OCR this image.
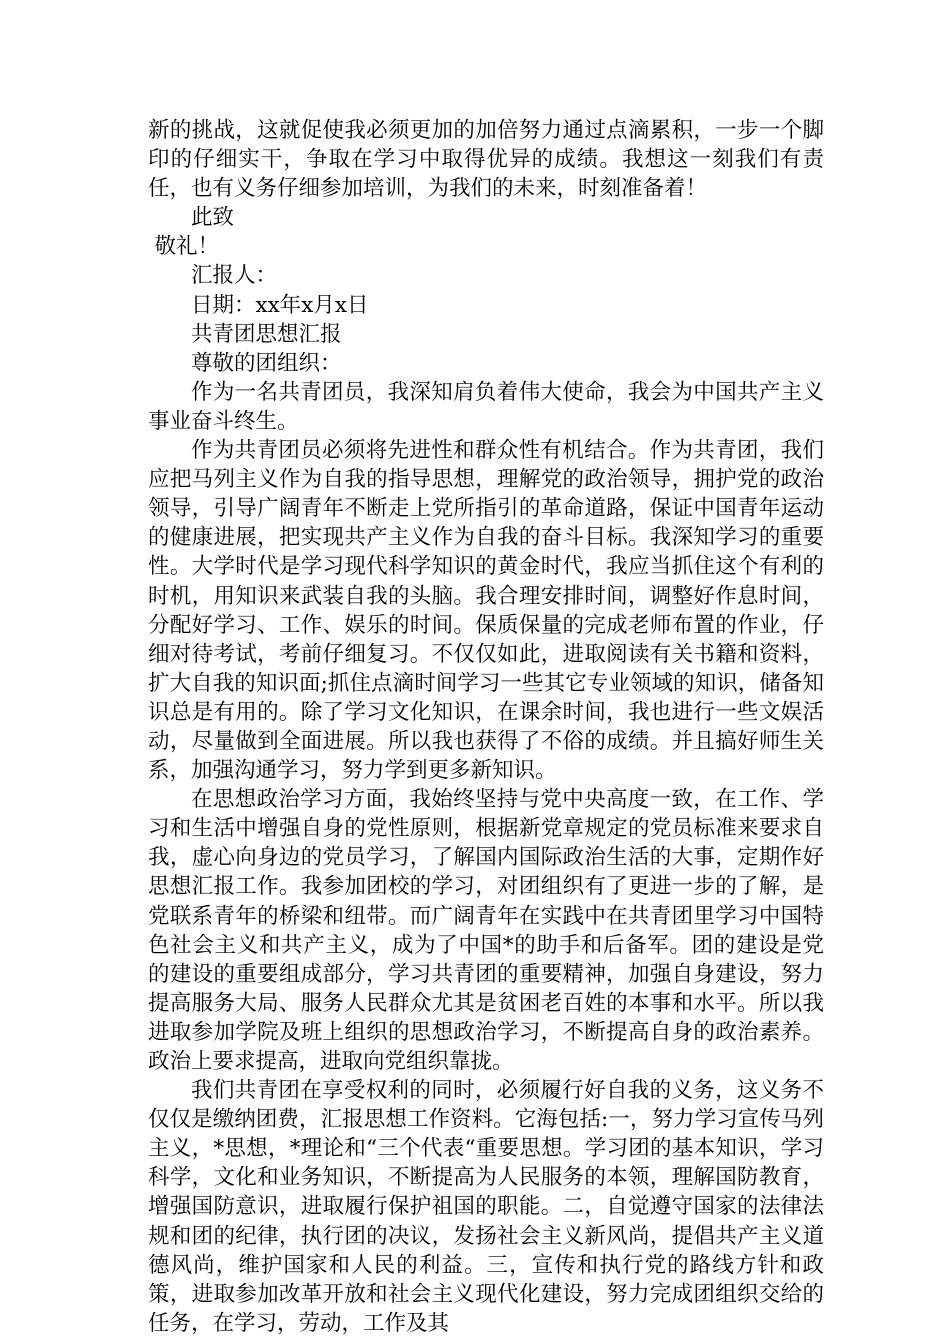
新的挑战，这就促使我必须更加的加倍努力通过点滴累积，一步一个脚印的仔细实干，争取在学习中取得优异的成绩。我想这一刻我们有责任，也有义务仔细参加培训，为我们的未来，时刻准备着！

此致

敬礼！

汇报人：

日期：xx年x月x日

共青团思想汇报

尊敬的团组织：

作为一名共青团员，我深知肩负着伟大使命，我会为中国共产主义事业奋斗终生。

作为共青团员必须将先进性和群众性有机结合。作为共青团，我们应把马列主义作为自我的指导思想，理解党的政治领导，拥护党的政治领导，引导广阔青年不断走上党所指引的革命道路，保证中国青年运动的健康进展，把实现共产主义作为自我的奋斗目标。我深知学习的重要性。大学时代是学习现代科学知识的黄金时代，我应当抓住这个有利的时机，用知识来武装自我的头脑。我合理安排时间，调整好作息时间，分配好学习、工作、娱乐的时间。保质保量的完成老师布置的作业，仔细对待考试，考前仔细复习。不仅仅如此，进取阅读有关书籍和资料，扩大自我的知识面;抓住点滴时间学习一些其它专业领域的知识，储备知识总是有用的。除了学习文化知识，在课余时间，我也进行一些文娱活动，尽量做到全面进展。所以我也获得了不俗的成绩。并且搞好师生关系，加强沟通学习，努力学到更多新知识。

在思想政治学习方面，我始终坚持与党中央高度一致，在工作、学习和生活中增强自身的党性原则，根据新党章规定的党员标准来要求自我，虚心向身边的党员学习，了解国内国际政治生活的大事，定期作好思想汇报工作。我参加团校的学习，对团组织有了更进一步的了解，是党联系青年的桥梁和纽带。而广阔青年在实践中在共青团里学习中国特色社会主义和共产主义，成为了中国*的助手和后备军。团的建设是党的建设的重要组成部分，学习共青团的重要精神，加强自身建设，努力提高服务大局、服务人民群众尤其是贫困老百姓的本事和水平。所以我进取参加学院及班上组织的思想政治学习，不断提高自身的政治素养。政治上要求提高，进取向党组织靠拢。

我们共青团在享受权利的同时，必须履行好自我的义务，这义务不仅仅是缴纳团费，汇报思想工作资料。它海包括:一，努力学习宣传马列主义，*思想，*理论和“三个代表“重要思想。学习团的基本知识，学习科学，文化和业务知识，不断提高为人民服务的本领，理解国防教育，增强国防意识，进取履行保护祖国的职能。二，自觉遵守国家的法律法规和团的纪律，执行团的决议，发扬社会主义新风尚，提倡共产主义道德风尚，维护国家和人民的利益。三，宣传和执行党的路线方针和政策，进取参加改革开放和社会主义现代化建设，努力完成团组织交给的任务，在学习，劳动，工作及其
